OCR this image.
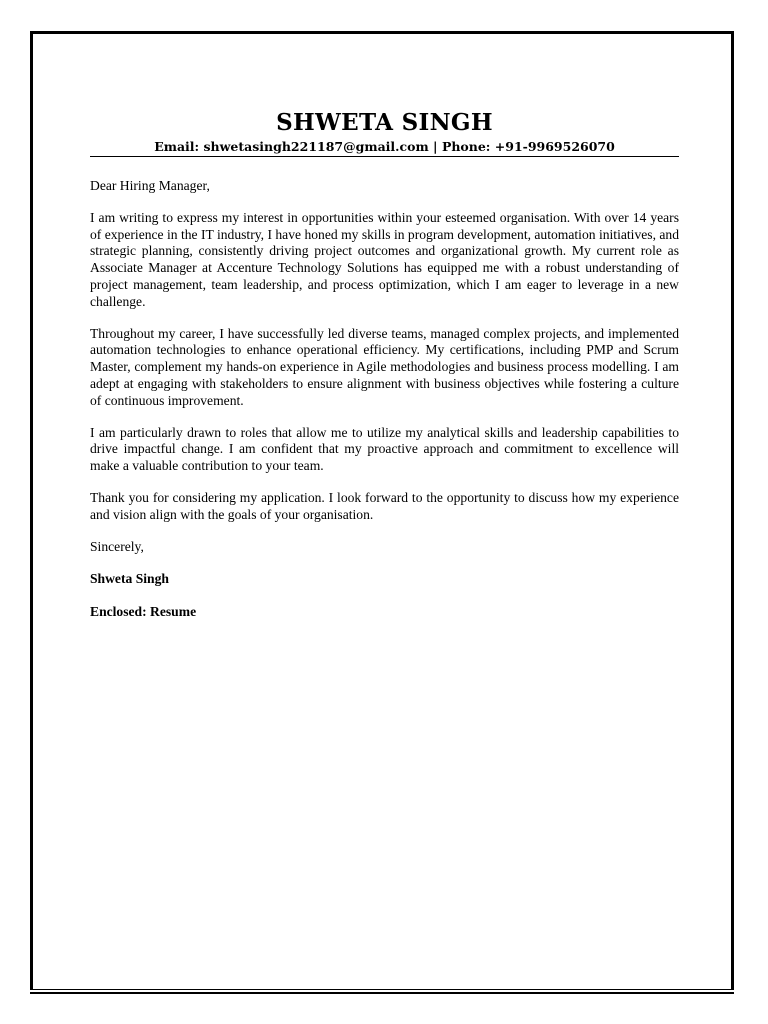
SHWETA SINGH
Email: shwetasingh221187@gmail.com | Phone: +91-9969526070
Dear Hiring Manager,
I am writing to express my interest in opportunities within your esteemed organisation. With over 14 years of experience in the IT industry, I have honed my skills in program development, automation initiatives, and strategic planning, consistently driving project outcomes and organizational growth. My current role as Associate Manager at Accenture Technology Solutions has equipped me with a robust understanding of project management, team leadership, and process optimization, which I am eager to leverage in a new challenge.
Throughout my career, I have successfully led diverse teams, managed complex projects, and implemented automation technologies to enhance operational efficiency. My certifications, including PMP and Scrum Master, complement my hands-on experience in Agile methodologies and business process modelling. I am adept at engaging with stakeholders to ensure alignment with business objectives while fostering a culture of continuous improvement.
I am particularly drawn to roles that allow me to utilize my analytical skills and leadership capabilities to drive impactful change. I am confident that my proactive approach and commitment to excellence will make a valuable contribution to your team.
Thank you for considering my application. I look forward to the opportunity to discuss how my experience and vision align with the goals of your organisation.
Sincerely,
Shweta Singh
Enclosed: Resume
